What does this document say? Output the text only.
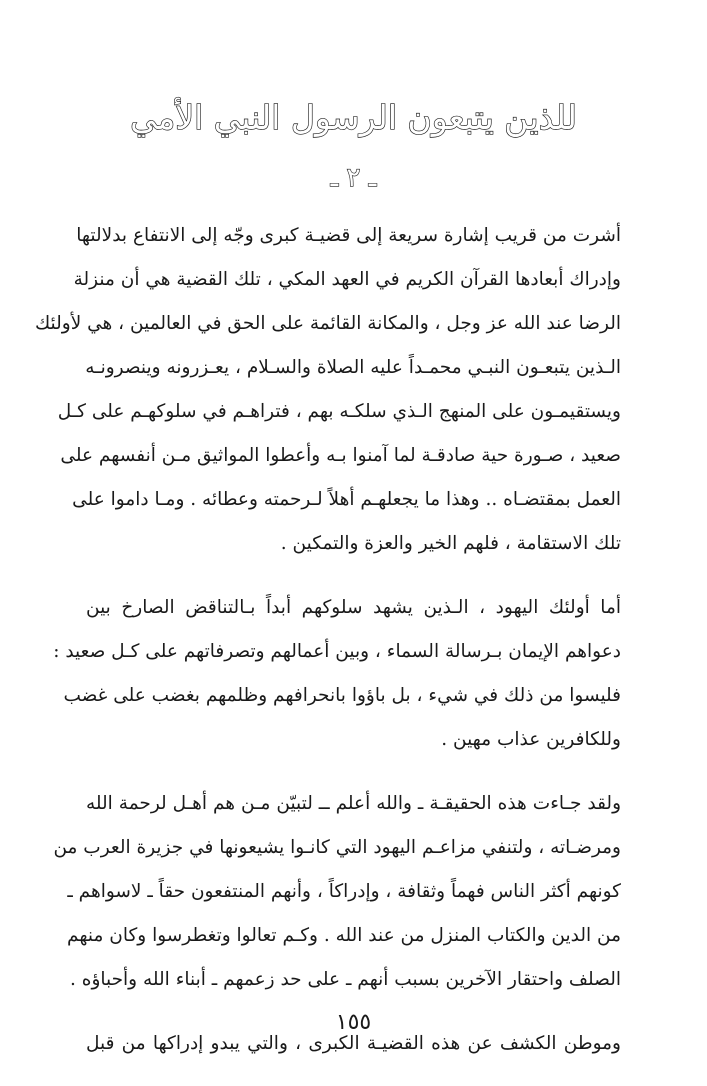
للذين يتبعون الرسول النبي الأمي
ـ ٢ ـ

أشرت من قريب إشارة سريعة إلى قضيـة كبرى وجّه إلى الانتفاع بدلالتها
وإدراك أبعادها القرآن الكريم في العهد المكي ، تلك القضية هي أن منزلة
الرضا عند الله عز وجل ، والمكانة القائمة على الحق في العالمين ، هي لأولئك
الـذين يتبعـون النبـي محمـداً عليه الصلاة والسـلام ، يعـزرونه وينصرونـه
ويستقيمـون على المنهج الـذي سلكـه بهم ، فتراهـم في سلوكهـم على كـل
صعيد ، صـورة حية صادقـة لما آمنوا بـه وأعطوا المواثيق مـن أنفسهم على
العمل بمقتضـاه .. وهذا ما يجعلهـم أهلاً لـرحمته وعطائه . ومـا داموا على
تلك الاستقامة ، فلهم الخير والعزة والتمكين .

أما أولئك اليهود ، الـذين يشهد سلوكهم أبداً بـالتناقض الصارخ بين
دعواهم الإيمان بـرسالة السماء ، وبين أعمالهم وتصرفاتهم على كـل صعيد :
فليسوا من ذلك في شيء ، بل باؤوا بانحرافهم وظلمهم بغضب على غضب
وللكافرين عذاب مهين .

ولقد جـاءت هذه الحقيقـة ـ والله أعلم ــ لتبيّن مـن هم أهـل لرحمة الله
ومرضـاته ، ولتنفي مزاعـم اليهود التي كانـوا يشيعونها في جزيرة العرب من
كونهم أكثر الناس فهماً وثقافة ، وإدراكاً ، وأنهم المنتفعون حقاً ـ لاسواهم ـ
من الدين والكتاب المنزل من عند الله . وكـم تعالوا وتغطرسوا وكان منهم
الصلف واحتقار الآخرين بسبب أنهم ـ على حد زعمهم ـ أبناء الله وأحباؤه .

وموطن الكشف عن هذه القضيـة الكبرى ، والتي يبدو إدراكها من قبل

١٥٥
